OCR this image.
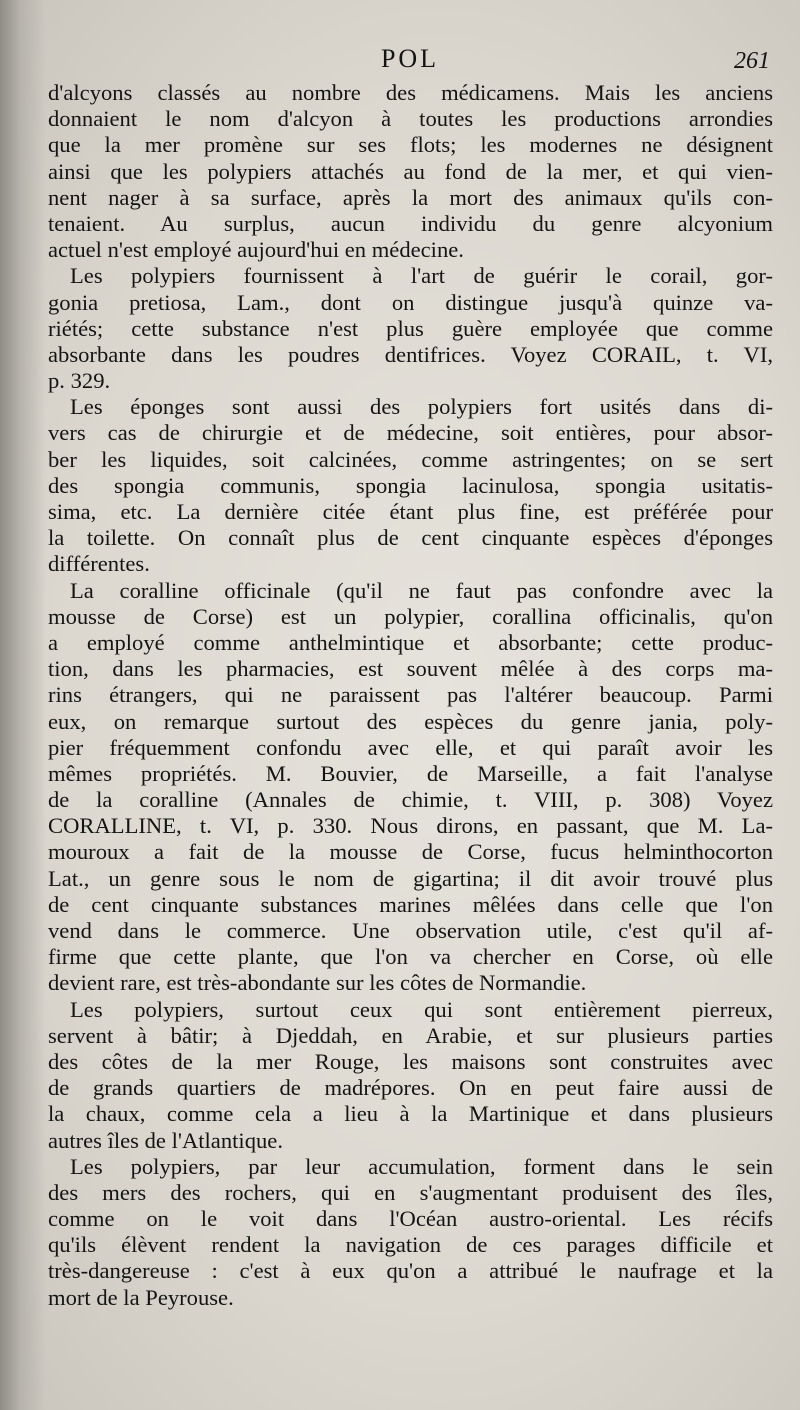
POL	261
d'alcyons classés au nombre des médicamens. Mais les anciens
donnaient le nom d'alcyon à toutes les productions arrondies
que la mer promène sur ses flots; les modernes ne désignent
ainsi que les polypiers attachés au fond de la mer, et qui vien-
nent nager à sa surface, après la mort des animaux qu'ils con-
tenaient. Au surplus, aucun individu du genre alcyonium
actuel n'est employé aujourd'hui en médecine.
Les polypiers fournissent à l'art de guérir le corail, gor-
gonia pretiosa, Lam., dont on distingue jusqu'à quinze va-
riétés; cette substance n'est plus guère employée que comme
absorbante dans les poudres dentifrices. Voyez CORAIL, t. VI,
p. 329.
Les éponges sont aussi des polypiers fort usités dans di-
vers cas de chirurgie et de médecine, soit entières, pour absor-
ber les liquides, soit calcinées, comme astringentes; on se sert
des spongia communis, spongia lacinulosa, spongia usitatis-
sima, etc. La dernière citée étant plus fine, est préférée pour
la toilette. On connaît plus de cent cinquante espèces d'éponges
différentes.
La coralline officinale (qu'il ne faut pas confondre avec la
mousse de Corse) est un polypier, corallina officinalis, qu'on
a employé comme anthelmintique et absorbante; cette produc-
tion, dans les pharmacies, est souvent mêlée à des corps ma-
rins étrangers, qui ne paraissent pas l'altérer beaucoup. Parmi
eux, on remarque surtout des espèces du genre jania, poly-
pier fréquemment confondu avec elle, et qui paraît avoir les
mêmes propriétés. M. Bouvier, de Marseille, a fait l'analyse
de la coralline (Annales de chimie, t. VIII, p. 308) Voyez
CORALLINE, t. VI, p. 330. Nous dirons, en passant, que M. La-
mouroux a fait de la mousse de Corse, fucus helminthocorton
Lat., un genre sous le nom de gigartina; il dit avoir trouvé plus
de cent cinquante substances marines mêlées dans celle que l'on
vend dans le commerce. Une observation utile, c'est qu'il af-
firme que cette plante, que l'on va chercher en Corse, où elle
devient rare, est très-abondante sur les côtes de Normandie.
Les polypiers, surtout ceux qui sont entièrement pierreux,
servent à bâtir; à Djeddah, en Arabie, et sur plusieurs parties
des côtes de la mer Rouge, les maisons sont construites avec
de grands quartiers de madrépores. On en peut faire aussi de
la chaux, comme cela a lieu à la Martinique et dans plusieurs
autres îles de l'Atlantique.
Les polypiers, par leur accumulation, forment dans le sein
des mers des rochers, qui en s'augmentant produisent des îles,
comme on le voit dans l'Océan austro-oriental. Les récifs
qu'ils élèvent rendent la navigation de ces parages difficile et
très-dangereuse : c'est à eux qu'on a attribué le naufrage et la
mort de la Peyrouse.
